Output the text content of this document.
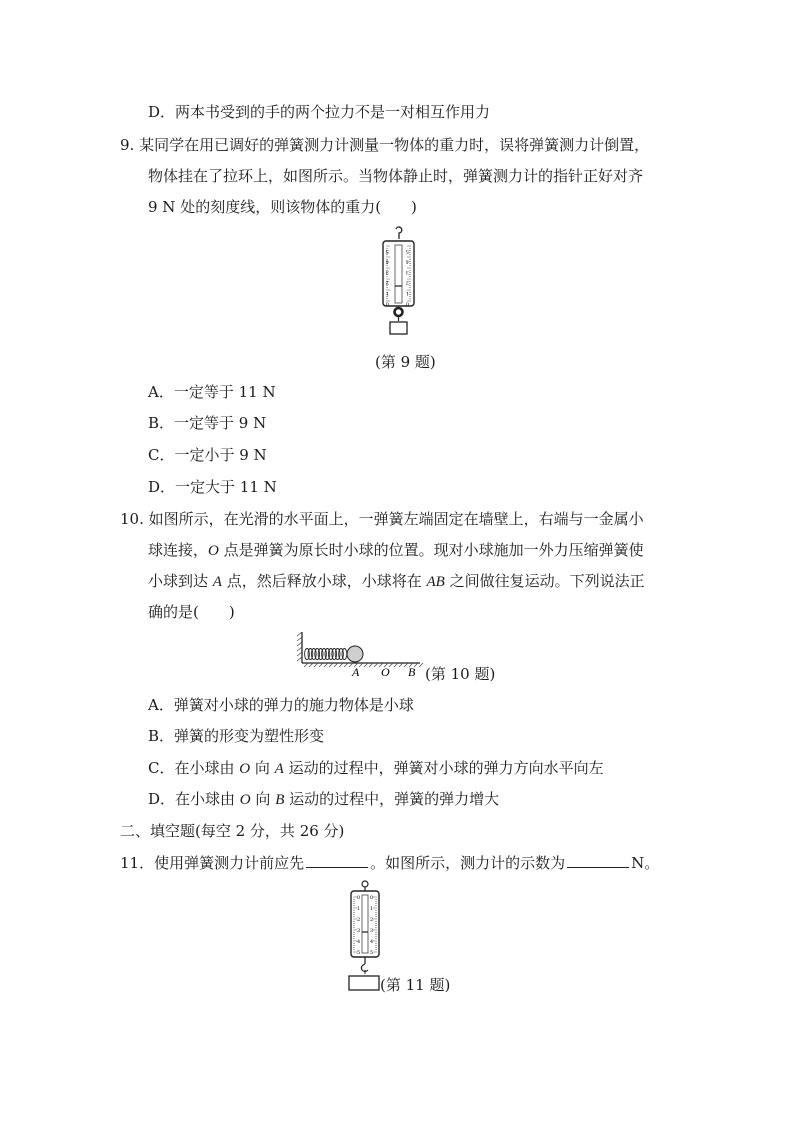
D．两本书受到的手的两个拉力不是一对相互作用力
9. 某同学在用已调好的弹簧测力计测量一物体的重力时，误将弹簧测力计倒置，
物体挂在了拉环上，如图所示。当物体静止时，弹簧测力计的指针正好对齐
9 N 处的刻度线，则该物体的重力(　　)
5	5
4	4
3	3
2	2
1	1
0	0
(第 9 题)
A．一定等于 11 N
B．一定等于 9 N
C．一定小于 9 N
D．一定大于 11 N
10. 如图所示，在光滑的水平面上，一弹簧左端固定在墙壁上，右端与一金属小
球连接，O 点是弹簧为原长时小球的位置。现对小球施加一外力压缩弹簧使
小球到达 A 点，然后释放小球，小球将在 AB 之间做往复运动。下列说法正
确的是(　　)
A O B (第 10 题)
A．弹簧对小球的弹力的施力物体是小球
B．弹簧的形变为塑性形变
C．在小球由 O 向 A 运动的过程中，弹簧对小球的弹力方向水平向左
D．在小球由 O 向 B 运动的过程中，弹簧的弹力增大
二、填空题(每空 2 分，共 26 分)
11．使用弹簧测力计前应先	。如图所示，测力计的示数为	N。
0 0
1 1
2 2
3 3
4 4
5 5
(第 11 题)
